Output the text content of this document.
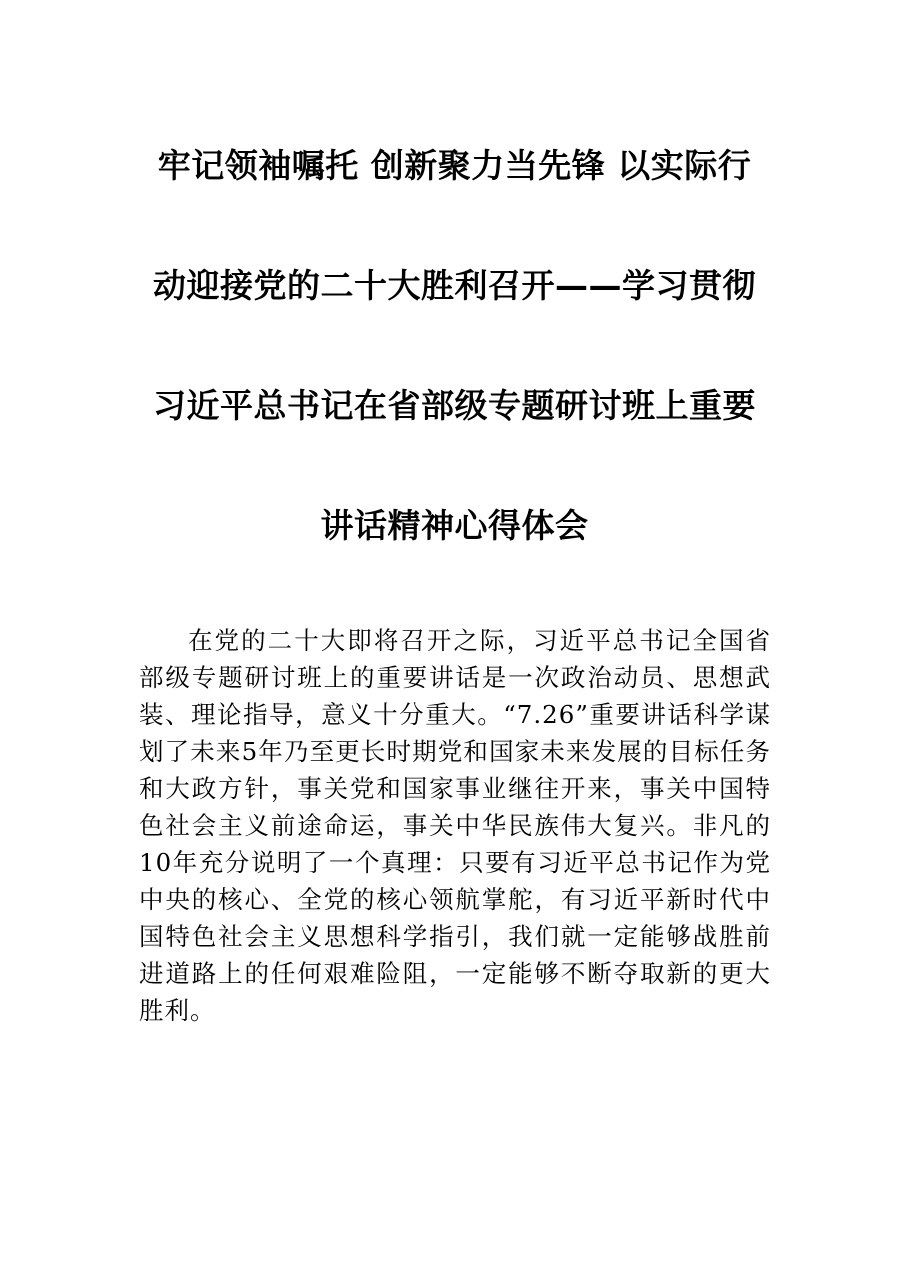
牢记领袖嘱托 创新聚力当先锋 以实际行
动迎接党的二十大胜利召开——学习贯彻
习近平总书记在省部级专题研讨班上重要
讲话精神心得体会

在党的二十大即将召开之际，习近平总书记全国省部级专题研讨班上的重要讲话是一次政治动员、思想武装、理论指导，意义十分重大。“7.26”重要讲话科学谋划了未来5年乃至更长时期党和国家未来发展的目标任务和大政方针，事关党和国家事业继往开来，事关中国特色社会主义前途命运，事关中华民族伟大复兴。非凡的10年充分说明了一个真理：只要有习近平总书记作为党中央的核心、全党的核心领航掌舵，有习近平新时代中国特色社会主义思想科学指引，我们就一定能够战胜前进道路上的任何艰难险阻，一定能够不断夺取新的更大胜利。
